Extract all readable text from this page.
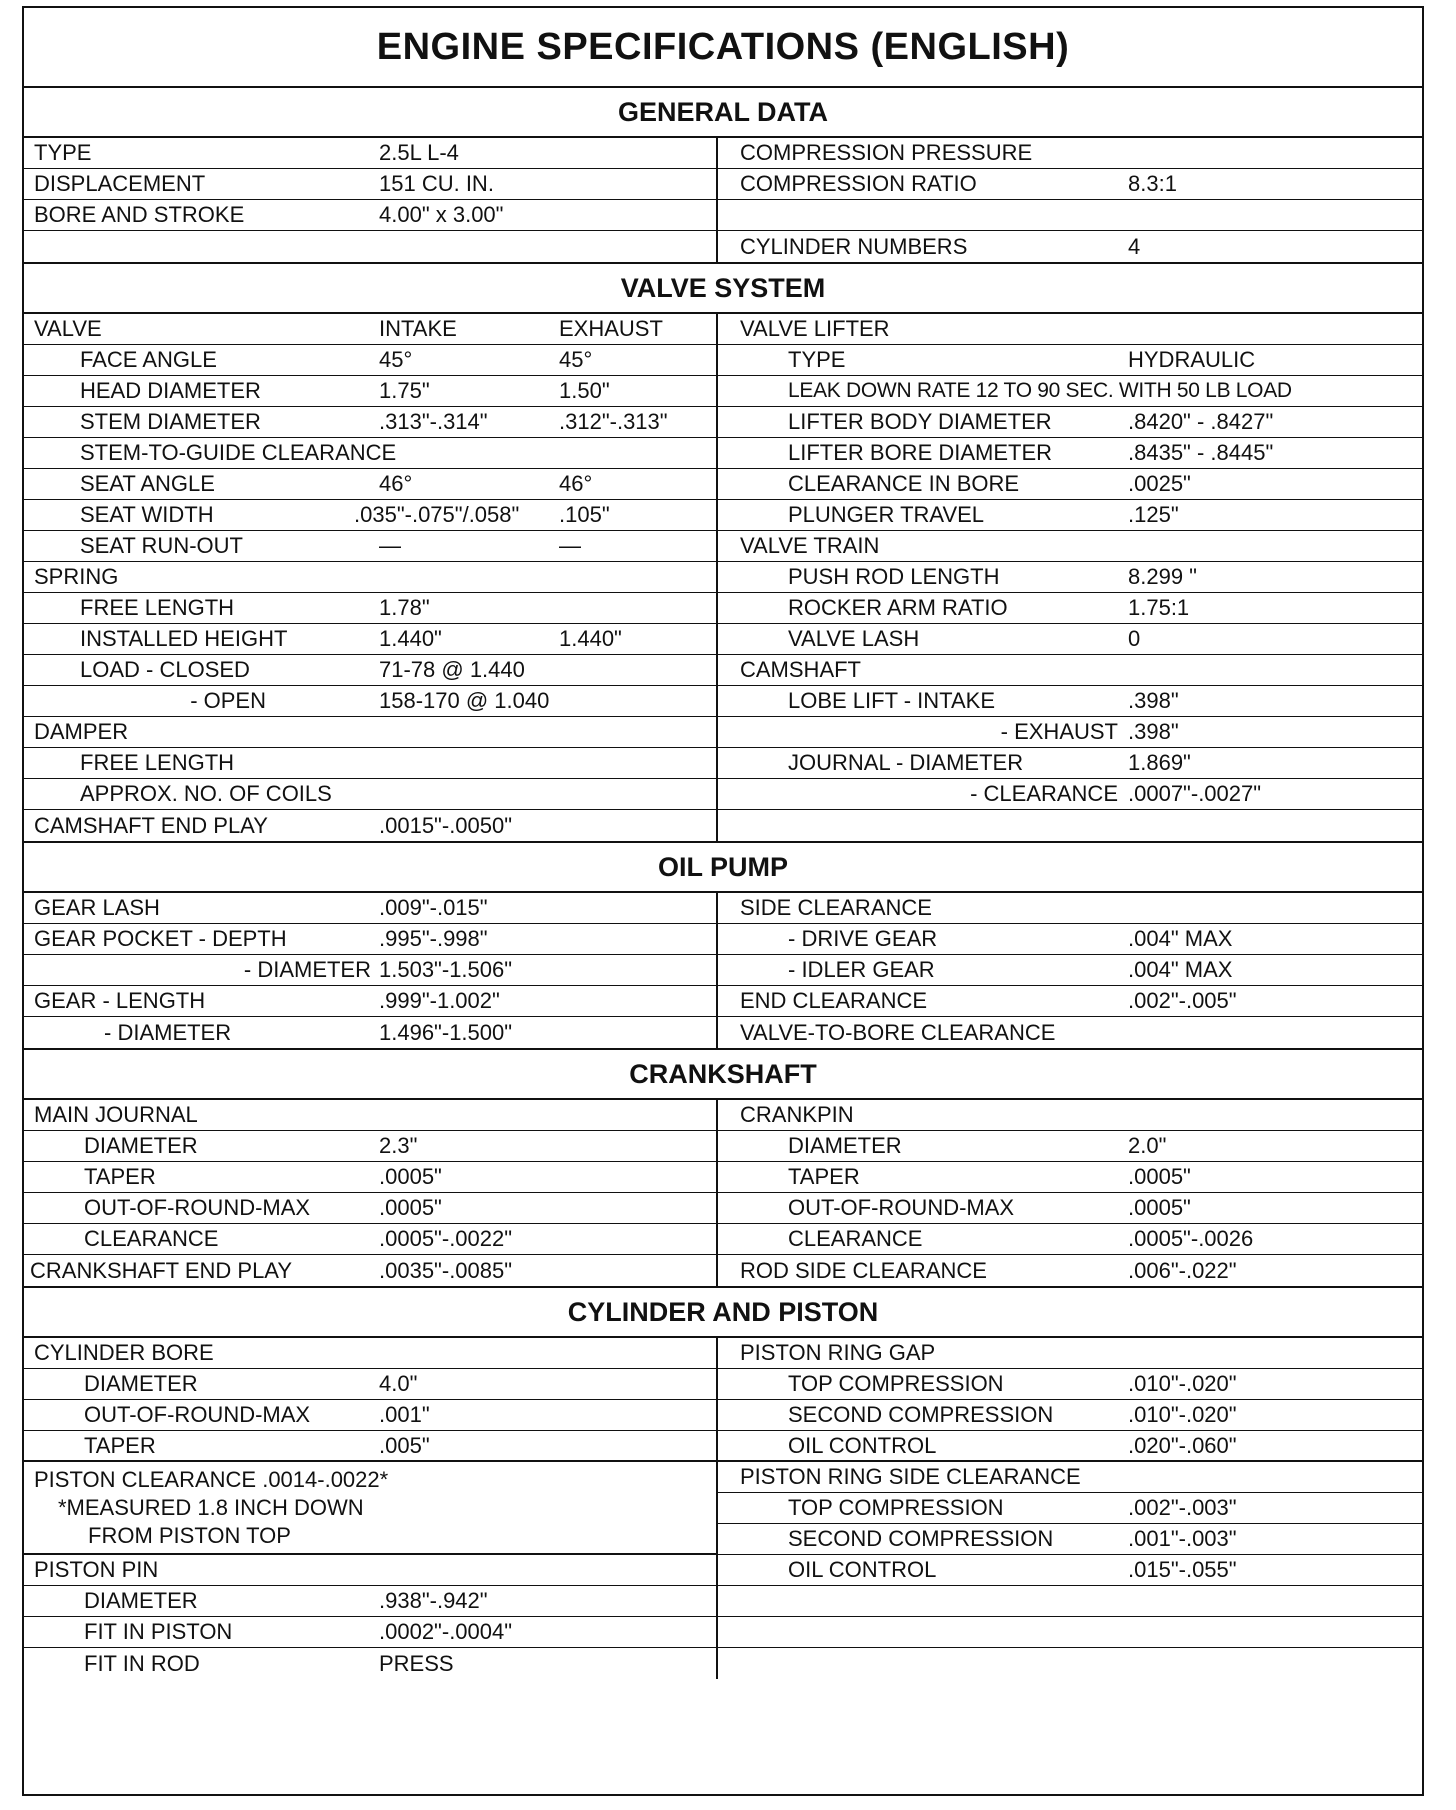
ENGINE SPECIFICATIONS (ENGLISH)
GENERAL DATA
TYPE	2.5L L-4
DISPLACEMENT	151 CU. IN.
BORE AND STROKE	4.00" x 3.00"
COMPRESSION PRESSURE
COMPRESSION RATIO	8.3:1
CYLINDER NUMBERS	4
VALVE SYSTEM
VALVE	INTAKE	EXHAUST
FACE ANGLE	45°	45°
HEAD DIAMETER	1.75"	1.50"
STEM DIAMETER	.313"-.314"	.312"-.313"
STEM-TO-GUIDE CLEARANCE
SEAT ANGLE	46°	46°
SEAT WIDTH	.035"-.075"/.058"	.105"
SEAT RUN-OUT	—	—
SPRING
FREE LENGTH	1.78"
INSTALLED HEIGHT	1.440"	1.440"
LOAD - CLOSED	71-78 @ 1.440
- OPEN	158-170 @ 1.040
DAMPER
FREE LENGTH
APPROX. NO. OF COILS
CAMSHAFT END PLAY	.0015"-.0050"
VALVE LIFTER
TYPE	HYDRAULIC
LEAK DOWN RATE 12 TO 90 SEC. WITH 50 LB LOAD
LIFTER BODY DIAMETER	.8420" - .8427"
LIFTER BORE DIAMETER	.8435" - .8445"
CLEARANCE IN BORE	.0025"
PLUNGER TRAVEL	.125"
VALVE TRAIN
PUSH ROD LENGTH	8.299 "
ROCKER ARM RATIO	1.75:1
VALVE LASH	0
CAMSHAFT
LOBE LIFT - INTAKE	.398"
- EXHAUST .398"
JOURNAL - DIAMETER	1.869"
- CLEARANCE .0007"-.0027"
OIL PUMP
GEAR LASH	.009"-.015"
GEAR POCKET - DEPTH	.995"-.998"
- DIAMETER 1.503"-1.506"
GEAR - LENGTH	.999"-1.002"
- DIAMETER	1.496"-1.500"
SIDE CLEARANCE
- DRIVE GEAR	.004" MAX
- IDLER GEAR	.004" MAX
END CLEARANCE	.002"-.005"
VALVE-TO-BORE CLEARANCE
CRANKSHAFT
MAIN JOURNAL
DIAMETER	2.3"
TAPER	.0005"
OUT-OF-ROUND-MAX	.0005"
CLEARANCE	.0005"-.0022"
CRANKSHAFT END PLAY	.0035"-.0085"
CRANKPIN
DIAMETER	2.0"
TAPER	.0005"
OUT-OF-ROUND-MAX	.0005"
CLEARANCE	.0005"-.0026
ROD SIDE CLEARANCE	.006"-.022"
CYLINDER AND PISTON
CYLINDER BORE
DIAMETER	4.0"
OUT-OF-ROUND-MAX	.001"
TAPER	.005"
PISTON CLEARANCE .0014-.0022*
*MEASURED 1.8 INCH DOWN
FROM PISTON TOP
PISTON PIN
DIAMETER	.938"-.942"
FIT IN PISTON	.0002"-.0004"
FIT IN ROD	PRESS
PISTON RING GAP
TOP COMPRESSION	.010"-.020"
SECOND COMPRESSION	.010"-.020"
OIL CONTROL	.020"-.060"
PISTON RING SIDE CLEARANCE
TOP COMPRESSION	.002"-.003"
SECOND COMPRESSION	.001"-.003"
OIL CONTROL	.015"-.055"
